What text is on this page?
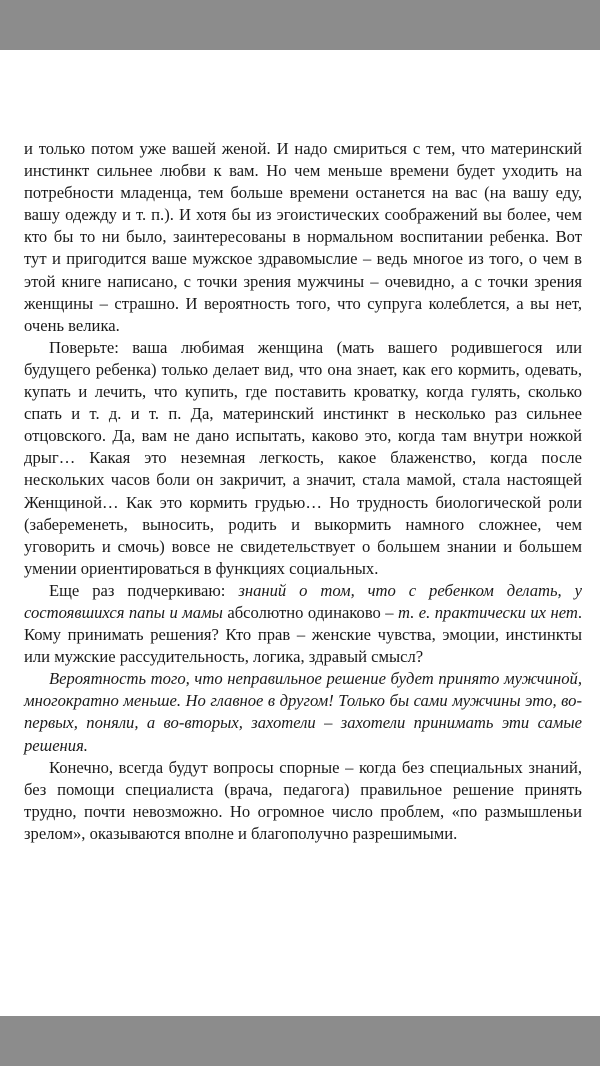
и только потом уже вашей женой. И надо смириться с тем, что материнский инстинкт сильнее любви к вам. Но чем меньше времени будет уходить на потребности младенца, тем больше времени останется на вас (на вашу еду, вашу одежду и т. п.). И хотя бы из эгоистических соображений вы более, чем кто бы то ни было, заинтересованы в нормальном воспитании ребенка. Вот тут и пригодится ваше мужское здравомыслие – ведь многое из того, о чем в этой книге написано, с точки зрения мужчины – очевидно, а с точки зрения женщины – страшно. И вероятность того, что супруга колеблется, а вы нет, очень велика.

Поверьте: ваша любимая женщина (мать вашего родившегося или будущего ребенка) только делает вид, что она знает, как его кормить, одевать, купать и лечить, что купить, где поставить кроватку, когда гулять, сколько спать и т. д. и т. п. Да, материнский инстинкт в несколько раз сильнее отцовского. Да, вам не дано испытать, каково это, когда там внутри ножкой дрыг… Какая это неземная легкость, какое блаженство, когда после нескольких часов боли он закричит, а значит, стала мамой, стала настоящей Женщиной… Как это кормить грудью… Но трудность биологической роли (забеременеть, выносить, родить и выкормить намного сложнее, чем уговорить и смочь) вовсе не свидетельствует о большем знании и большем умении ориентироваться в функциях социальных.

Еще раз подчеркиваю: знаний о том, что с ребенком делать, у состоявшихся папы и мамы абсолютно одинаково – т. е. практически их нет. Кому принимать решения? Кто прав – женские чувства, эмоции, инстинкты или мужские рассудительность, логика, здравый смысл?

Вероятность того, что неправильное решение будет принято мужчиной, многократно меньше. Но главное в другом! Только бы сами мужчины это, во-первых, поняли, а во-вторых, захотели – захотели принимать эти самые решения.

Конечно, всегда будут вопросы спорные – когда без специальных знаний, без помощи специалиста (врача, педагога) правильное решение принять трудно, почти невозможно. Но огромное число проблем, «по размышленьи зрелом», оказываются вполне и благополучно разрешимыми.
